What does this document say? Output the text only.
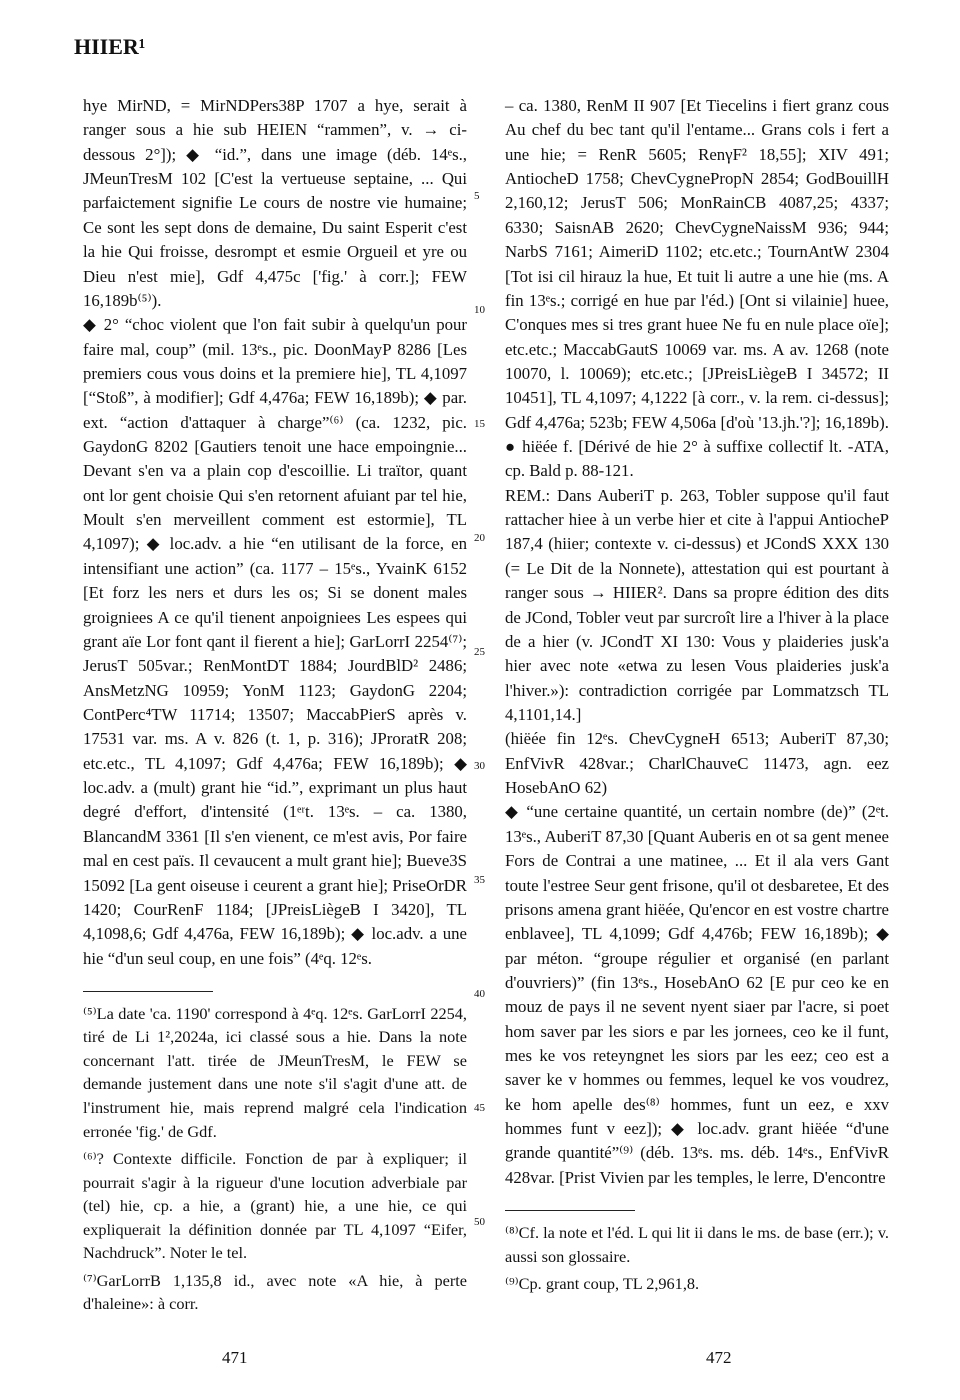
HIIER¹

hye MirND, = MirNDPers38P 1707 a hye, serait à ranger sous a hie sub HEIEN “rammen”, v. → ci-dessous 2°]); ◆ “id.”, dans une image (déb. 14ᵉs., JMeunTresM 102 [C'est la vertueuse septaine, ... Qui parfaictement signifie Le cours de nostre vie humaine; Ce sont les sept dons de demaine, Du saint Esperit c'est la hie Qui froisse, desrompt et esmie Orgueil et yre ou Dieu n'est mie], Gdf 4,475c ['fig.' à corr.]; FEW 16,189b⁽⁵⁾).
◆ 2° “choc violent que l'on fait subir à quelqu'un pour faire mal, coup” (mil. 13ᵉs., pic. DoonMayP 8286 [Les premiers cous vous doins et la premiere hie], TL 4,1097 [“Stoß”, à modifier]; Gdf 4,476a; FEW 16,189b); ◆ par. ext. “action d'attaquer à charge”⁽⁶⁾ (ca. 1232, pic. GaydonG 8202 [Gautiers tenoit une hace empoingnie... Devant s'en va a plain cop d'escoillie. Li traïtor, quant ont lor gent choisie Qui s'en retornent afuiant par tel hie, Moult s'en merveillent comment est estormie], TL 4,1097); ◆ loc.adv. a hie “en utilisant de la force, en intensifiant une action” (ca. 1177 – 15ᵉs., YvainK 6152 [Et forz les ners et durs les os; Si se donent males groigniees A ce qu'il tienent anpoigniees Les espees qui grant aïe Lor font qant il fierent a hie]; GarLorrI 2254⁽⁷⁾; JerusT 505var.; RenMontDT 1884; JourdBlD² 2486; AnsMetzNG 10959; YonM 1123; GaydonG 2204; ContPerc⁴TW 11714; 13507; MaccabPierS après v. 17531 var. ms. A v. 826 (t. 1, p. 316); JProratR 208; etc.etc., TL 4,1097; Gdf 4,476a; FEW 16,189b); ◆ loc.adv. a (mult) grant hie “id.”, exprimant un plus haut degré d'effort, d'intensité (1ᵉʳt. 13ᵉs. – ca. 1380, BlancandM 3361 [Il s'en vienent, ce m'est avis, Por faire mal en cest païs. Il cevaucent a mult grant hie]; Bueve3S 15092 [La gent oiseuse i ceurent a grant hie]; PriseOrDR 1420; CourRenF 1184; [JPreisLiègeB I 3420], TL 4,1098,6; Gdf 4,476a, FEW 16,189b); ◆ loc.adv. a une hie “d'un seul coup, en une fois” (4ᵉq. 12ᵉs.

⁽⁵⁾La date 'ca. 1190' correspond à 4ᵉq. 12ᵉs. GarLorrI 2254, tiré de Li 1²,2024a, ici classé sous a hie. Dans la note concernant l'att. tirée de JMeunTresM, le FEW se demande justement dans une note s'il s'agit d'une att. de l'instrument hie, mais reprend malgré cela l'indication erronée 'fig.' de Gdf.

⁽⁶⁾? Contexte difficile. Fonction de par à expliquer; il pourrait s'agir à la rigueur d'une locution adverbiale par (tel) hie, cp. a hie, a (grant) hie, a une hie, ce qui expliquerait la définition donnée par TL 4,1097 “Eifer, Nachdruck”. Noter le tel.

⁽⁷⁾GarLorrB 1,135,8 id., avec note «A hie, à perte d'haleine»: à corr.

5
10
15
20
25
30
35
40
45
50

– ca. 1380, RenM II 907 [Et Tiecelins i fiert granz cous Au chef du bec tant qu'il l'entame... Grans cols i fert a une hie; = RenR 5605; RenγF² 18,55]; XIV 491; AntiocheD 1758; ChevCygnePropN 2854; GodBouillH 2,160,12; JerusT 506; MonRainCB 4087,25; 4337; 6330; SaisnAB 2620; ChevCygneNaissM 936; 944; NarbS 7161; AimeriD 1102; etc.etc.; TournAntW 2304 [Tot isi cil hirauz la hue, Et tuit li autre a une hie (ms. A fin 13ᵉs.; corrigé en hue par l'éd.) [Ont si vilainie] huee, C'onques mes si tres grant huee Ne fu en nule place oïe]; etc.etc.; MaccabGautS 10069 var. ms. A av. 1268 (note 10070, l. 10069); etc.etc.; [JPreisLiègeB I 34572; II 10451], TL 4,1097; 4,1222 [à corr., v. la rem. ci-dessus]; Gdf 4,476a; 523b; FEW 4,506a [d'où '13.jh.'?]; 16,189b).
● hiëée f. [Dérivé de hie 2° à suffixe collectif lt. -ATA, cp. Bald p. 88-121.
REM.: Dans AuberiT p. 263, Tobler suppose qu'il faut rattacher hiee à un verbe hier et cite à l'appui AntiocheP 187,4 (hiier; contexte v. ci-dessus) et JCondS XXX 130 (= Le Dit de la Nonnete), attestation qui est pourtant à ranger sous → HIIER². Dans sa propre édition des dits de JCond, Tobler veut par surcroît lire a l'hiver à la place de a hier (v. JCondT XI 130: Vous y plaideries jusk'a hier avec note «etwa zu lesen Vous plaideries jusk'a l'hiver.»): contradiction corrigée par Lommatzsch TL 4,1101,14.]
(hiëée fin 12ᵉs. ChevCygneH 6513; AuberiT 87,30; EnfVivR 428var.; CharlChauveC 11473, agn. eez HosebAnO 62)
◆ “une certaine quantité, un certain nombre (de)” (2ᵉt. 13ᵉs., AuberiT 87,30 [Quant Auberis en ot sa gent menee Fors de Contrai a une matinee, ... Et il ala vers Gant toute l'estree Seur gent frisone, qu'il ot desbaretee, Et des prisons amena grant hiëée, Qu'encor en est vostre chartre enblavee], TL 4,1099; Gdf 4,476b; FEW 16,189b); ◆ par méton. “groupe régulier et organisé (en parlant d'ouvriers)” (fin 13ᵉs., HosebAnO 62 [E pur ceo ke en mouz de pays il ne sevent nyent siaer par l'acre, si poet hom saver par les siors e par les jornees, ceo ke il funt, mes ke vos reteyngnet les siors par les eez; ceo est a saver ke v hommes ou femmes, lequel ke vos voudrez, ke hom apelle des⁽⁸⁾ hommes, funt un eez, e xxv hommes funt v eez]); ◆ loc.adv. grant hiëée “d'une grande quantité”⁽⁹⁾ (déb. 13ᵉs. ms. déb. 14ᵉs., EnfVivR 428var. [Prist Vivien par les temples, le lerre, D'encontre

⁽⁸⁾Cf. la note et l'éd. L qui lit ii dans le ms. de base (err.); v. aussi son glossaire.

⁽⁹⁾Cp. grant coup, TL 2,961,8.

471	472
